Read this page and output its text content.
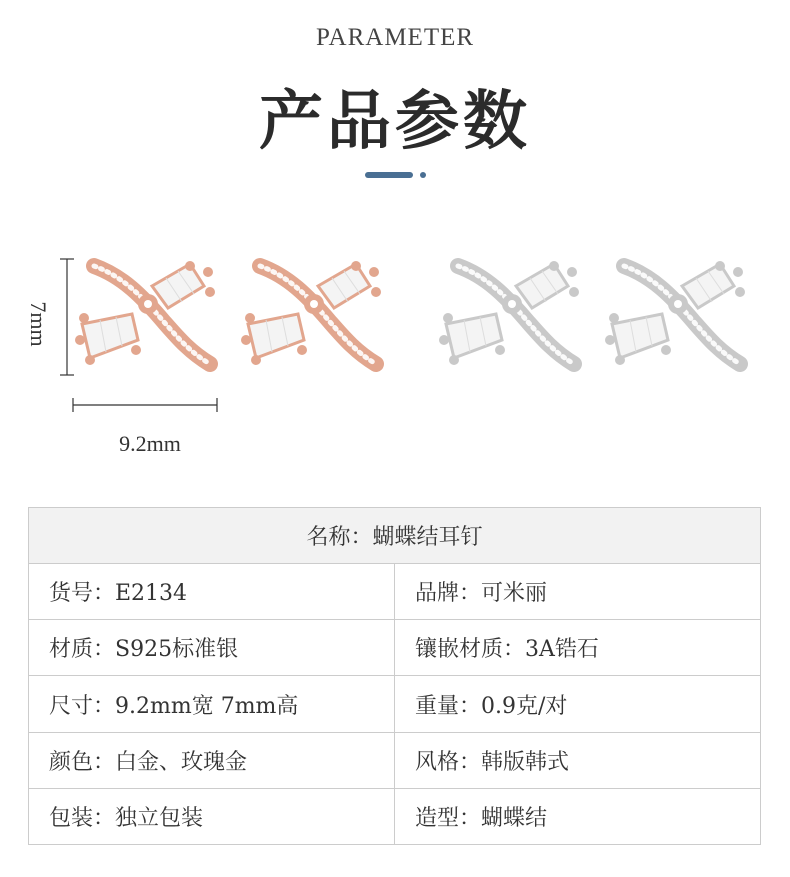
PARAMETER
产品参数
7mm
9.2mm
名称：蝴蝶结耳钉	
货号：E2134	品牌：可米丽
材质：S925标准银	镶嵌材质：3A锆石
尺寸：9.2mm宽 7mm高	重量：0.9克/对
颜色：白金、玫瑰金	风格：韩版韩式
包装：独立包装	造型：蝴蝶结
